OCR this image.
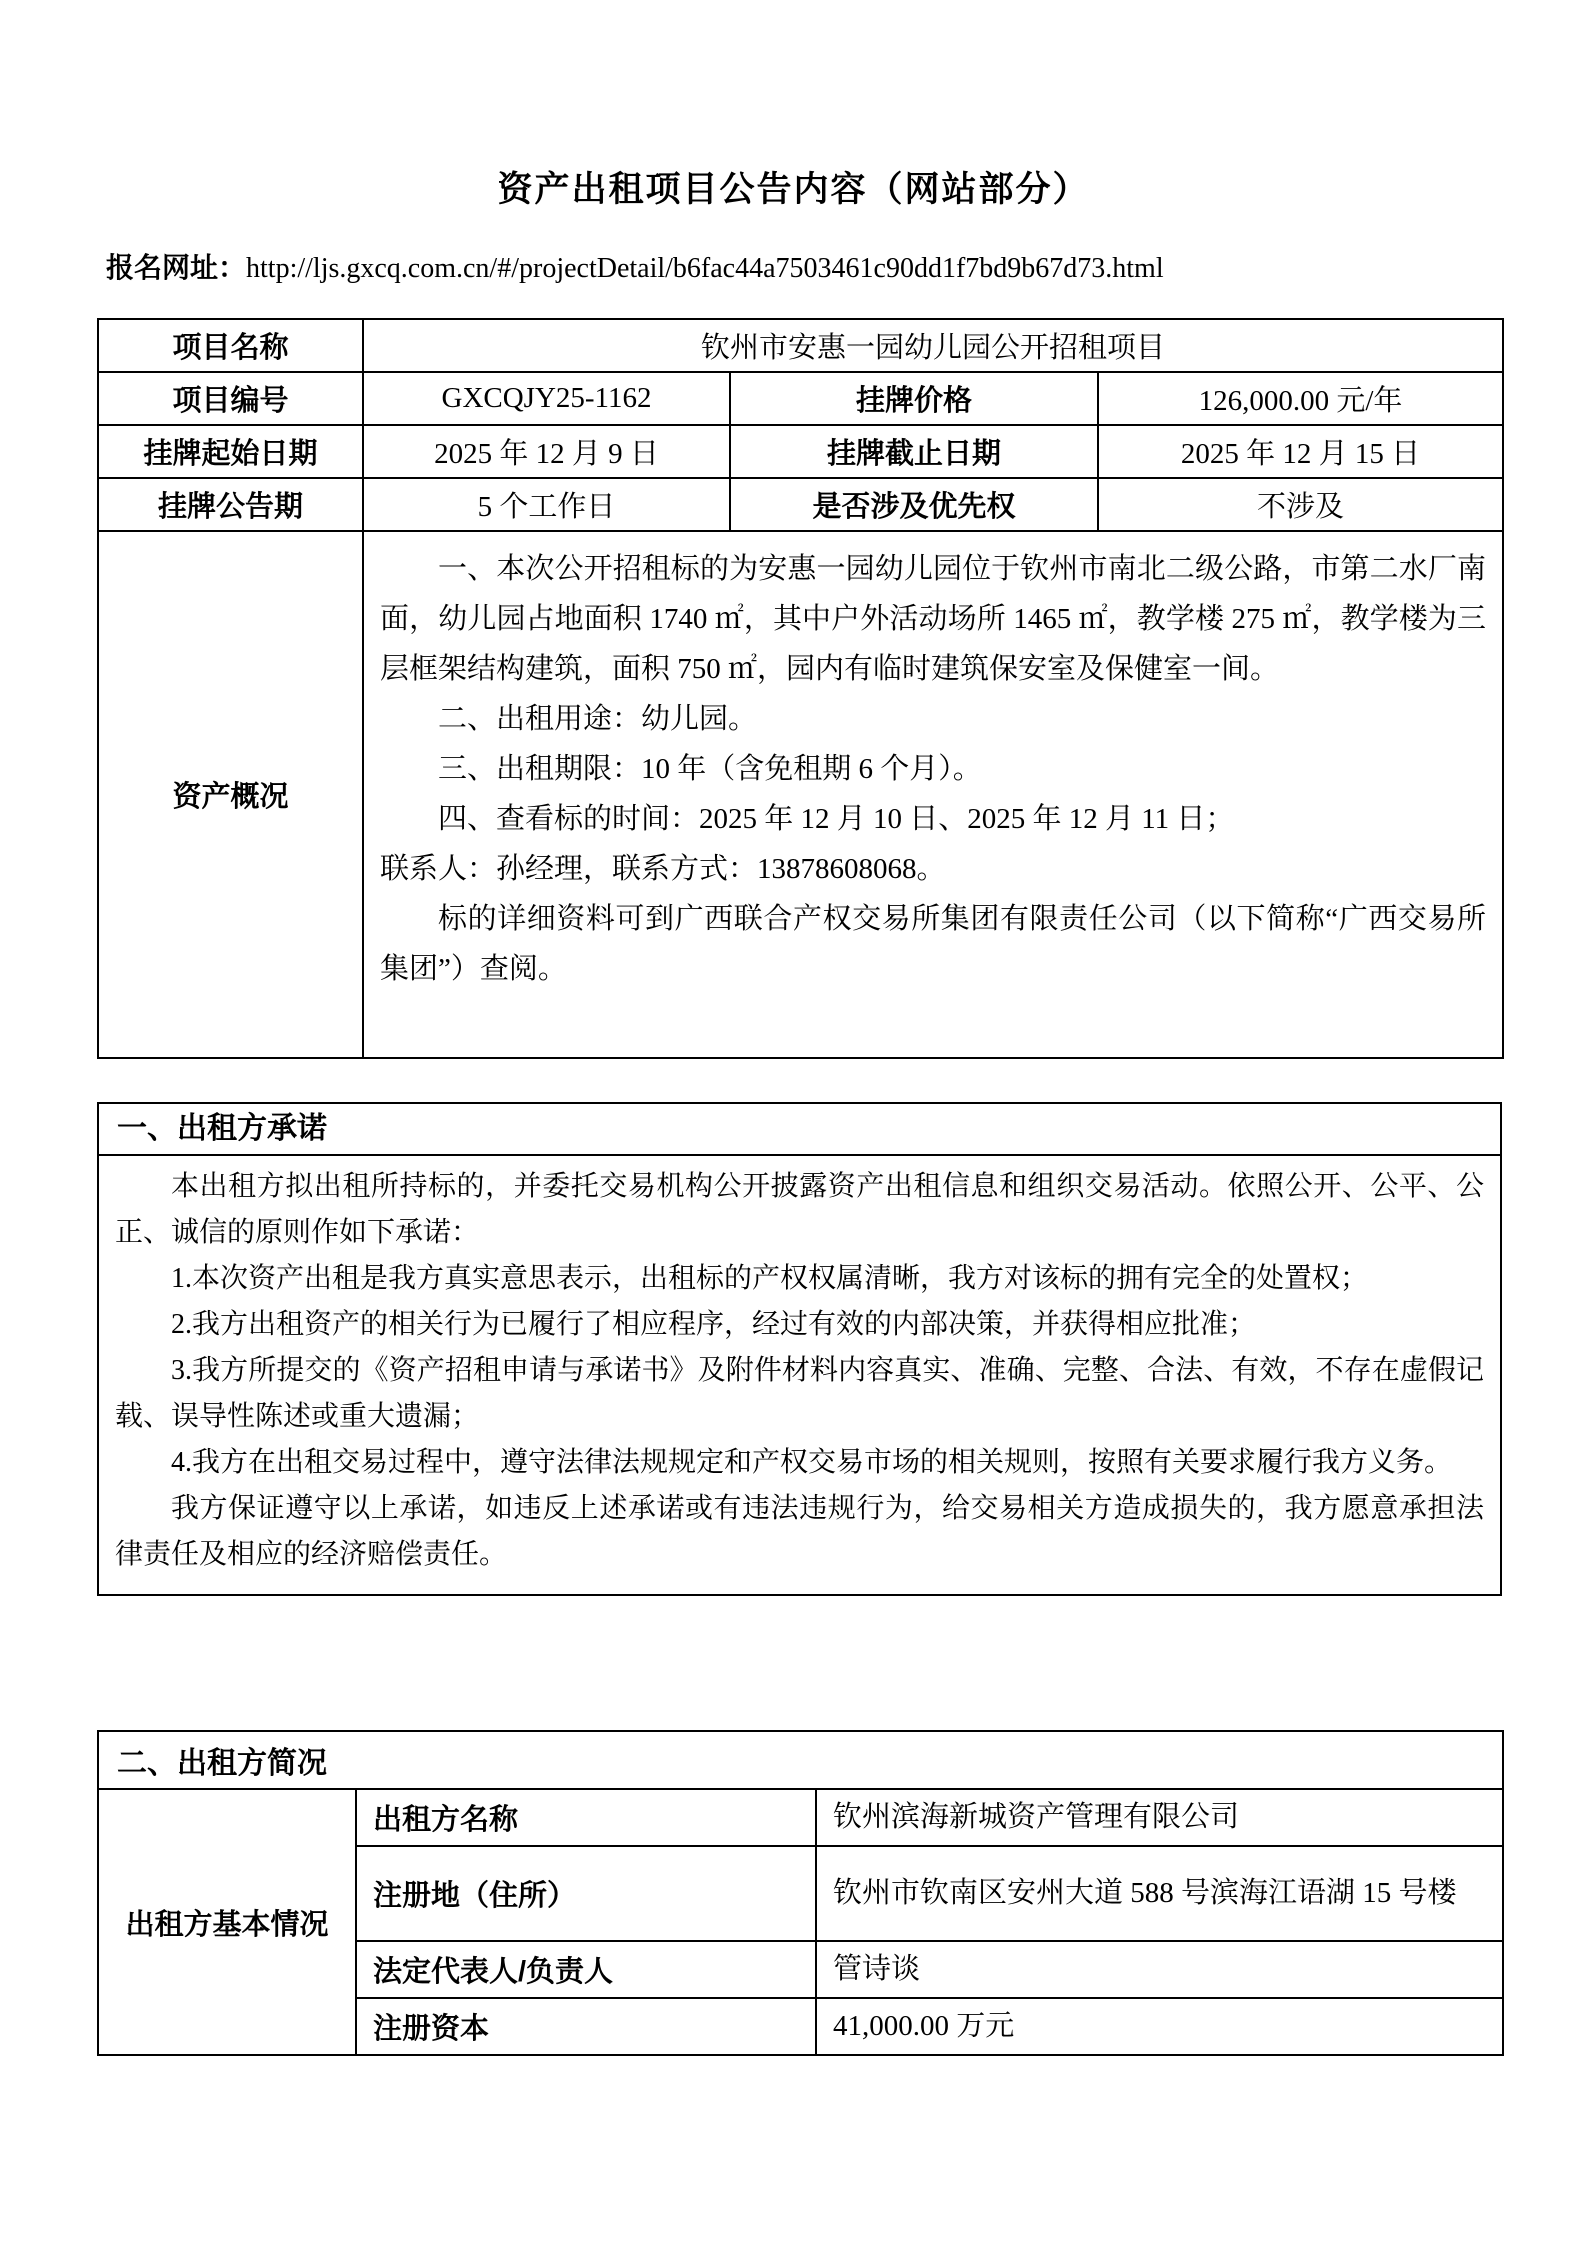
资产出租项目公告内容（网站部分）
报名网址：http://ljs.gxcq.com.cn/#/projectDetail/b6fac44a7503461c90dd1f7bd9b67d73.html
项目名称	钦州市安惠一园幼儿园公开招租项目		
项目编号	GXCQJY25-1162	挂牌价格	126,000.00 元/年
挂牌起始日期	2025 年 12 月 9 日	挂牌截止日期	2025 年 12 月 15 日
挂牌公告期	5 个工作日	是否涉及优先权	不涉及
资产概况	
一、本次公开招租标的为安惠一园幼儿园位于钦州市南北二级公路，市第二水厂南面，幼儿园占地面积 1740 ㎡，其中户外活动场所 1465 ㎡，教学楼 275 ㎡，教学楼为三层框架结构建筑，面积 750 ㎡，园内有临时建筑保安室及保健室一间。
二、出租用途：幼儿园。
三、出租期限：10 年（含免租期 6 个月）。
四、查看标的时间：2025 年 12 月 10 日、2025 年 12 月 11 日；
联系人：孙经理，联系方式：13878608068。
标的详细资料可到广西联合产权交易所集团有限责任公司（以下简称“广西交易所集团”）查阅。
一、出租方承诺
本出租方拟出租所持标的，并委托交易机构公开披露资产出租信息和组织交易活动。依照公开、公平、公正、诚信的原则作如下承诺：
1.本次资产出租是我方真实意思表示，出租标的产权权属清晰，我方对该标的拥有完全的处置权；
2.我方出租资产的相关行为已履行了相应程序，经过有效的内部决策，并获得相应批准；
3.我方所提交的《资产招租申请与承诺书》及附件材料内容真实、准确、完整、合法、有效，不存在虚假记载、误导性陈述或重大遗漏；
4.我方在出租交易过程中，遵守法律法规规定和产权交易市场的相关规则，按照有关要求履行我方义务。
我方保证遵守以上承诺，如违反上述承诺或有违法违规行为，给交易相关方造成损失的，我方愿意承担法律责任及相应的经济赔偿责任。
二、出租方简况		
出租方基本情况	出租方名称	钦州滨海新城资产管理有限公司
	注册地（住所）	钦州市钦南区安州大道 588 号滨海江语湖 15 号楼
	法定代表人/负责人	管诗谈
	注册资本	41,000.00 万元
